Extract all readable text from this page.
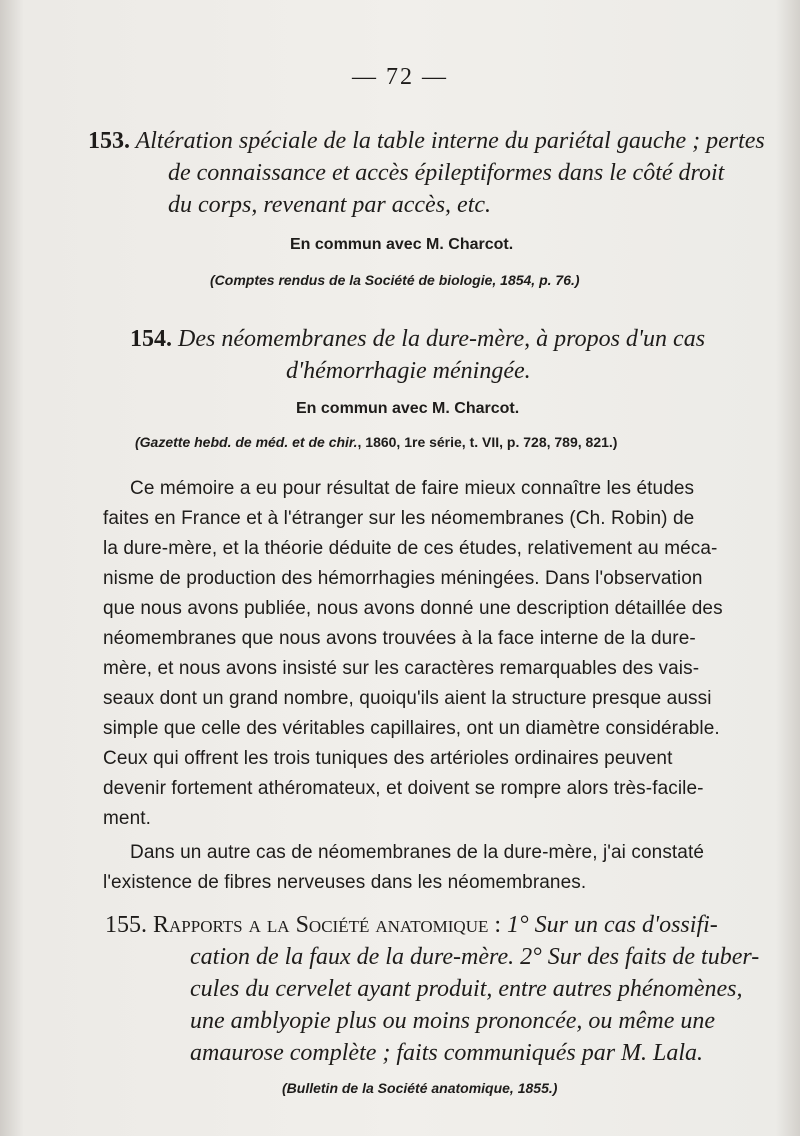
— 72 —
153. Altération spéciale de la table interne du pariétal gauche ; pertes
de connaissance et accès épileptiformes dans le côté droit
du corps, revenant par accès, etc.
En commun avec M. Charcot.
(Comptes rendus de la Société de biologie, 1854, p. 76.)
154. Des néomembranes de la dure-mère, à propos d'un cas
d'hémorrhagie méningée.
En commun avec M. Charcot.
(Gazette hebd. de méd. et de chir., 1860, 1re série, t. VII, p. 728, 789, 821.)
Ce mémoire a eu pour résultat de faire mieux connaître les études
faites en France et à l'étranger sur les néomembranes (Ch. Robin) de
la dure-mère, et la théorie déduite de ces études, relativement au méca-
nisme de production des hémorrhagies méningées. Dans l'observation
que nous avons publiée, nous avons donné une description détaillée des
néomembranes que nous avons trouvées à la face interne de la dure-
mère, et nous avons insisté sur les caractères remarquables des vais-
seaux dont un grand nombre, quoiqu'ils aient la structure presque aussi
simple que celle des véritables capillaires, ont un diamètre considérable.
Ceux qui offrent les trois tuniques des artérioles ordinaires peuvent
devenir fortement athéromateux, et doivent se rompre alors très-facile-
ment.
Dans un autre cas de néomembranes de la dure-mère, j'ai constaté
l'existence de fibres nerveuses dans les néomembranes.
155. Rapports a la Société anatomique : 1° Sur un cas d'ossifi-
cation de la faux de la dure-mère. 2° Sur des faits de tuber-
cules du cervelet ayant produit, entre autres phénomènes,
une amblyopie plus ou moins prononcée, ou même une
amaurose complète ; faits communiqués par M. Lala.
(Bulletin de la Société anatomique, 1855.)
